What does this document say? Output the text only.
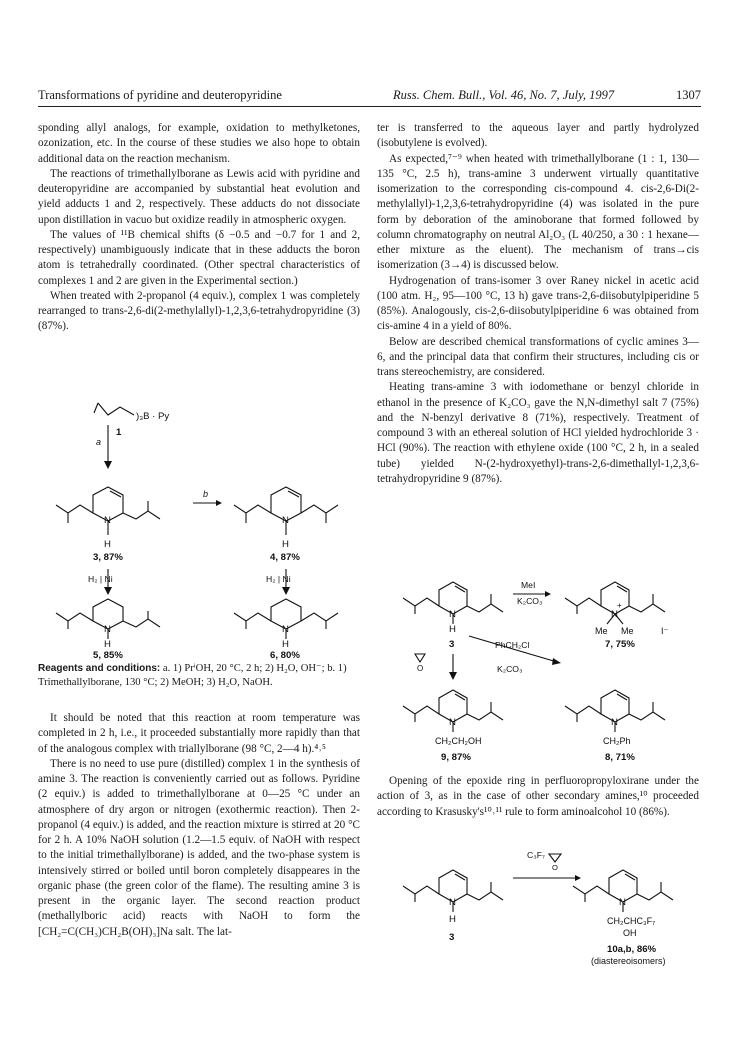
Transformations of pyridine and deuteropyridine	Russ. Chem. Bull., Vol. 46, No. 7, July, 1997	1307

sponding allyl analogs, for example, oxidation to methylketones, ozonization, etc. In the course of these studies we also hope to obtain additional data on the reaction mechanism.

The reactions of trimethallylborane as Lewis acid with pyridine and deuteropyridine are accompanied by substantial heat evolution and yield adducts 1 and 2, respectively. These adducts do not dissociate upon distillation in vacuo but oxidize readily in atmospheric oxygen.

The values of ¹¹B chemical shifts (δ −0.5 and −0.7 for 1 and 2, respectively) unambiguously indicate that in these adducts the boron atom is tetrahedrally coordinated. (Other spectral characteristics of complexes 1 and 2 are given in the Experimental section.)

When treated with 2-propanol (4 equiv.), complex 1 was completely rearranged to trans-2,6-di(2-methylallyl)-1,2,3,6-tetrahydropyridine (3) (87%).

)₃B · Py
a
1
N
H
3, 87%
b
N
H
4, 87%
H₂ | Ni	H₂ | Ni
N
H
5, 85%
N
H
6, 80%
Reagents and conditions: a. 1) PrⁱOH, 20 °C, 2 h; 2) H₂O, OH⁻; b. 1) Trimethallylborane, 130 °C; 2) MeOH; 3) H₂O, NaOH.

It should be noted that this reaction at room temperature was completed in 2 h, i.e., it proceeded substantially more rapidly than that of the analogous complex with triallylborane (98 °C, 2—4 h).⁴˒⁵

There is no need to use pure (distilled) complex 1 in the synthesis of amine 3. The reaction is conveniently carried out as follows. Pyridine (2 equiv.) is added to trimethallylborane at 0—25 °C under an atmosphere of dry argon or nitrogen (exothermic reaction). Then 2-propanol (4 equiv.) is added, and the reaction mixture is stirred at 20 °C for 2 h. A 10% NaOH solution (1.2—1.5 equiv. of NaOH with respect to the initial trimethallylborane) is added, and the two-phase system is intensively stirred or boiled until boron completely disappeares in the organic phase (the green color of the flame). The resulting amine 3 is present in the organic layer. The second reaction product (methallylboric acid) reacts with NaOH to form the [CH₂=C(CH₃)CH₂B(OH)₃]Na salt. The lat-

ter is transferred to the aqueous layer and partly hydrolyzed (isobutylene is evolved).

As expected,⁷⁻⁹ when heated with trimethallylborane (1 : 1, 130—135 °C, 2.5 h), trans-amine 3 underwent virtually quantitative isomerization to the corresponding cis-compound 4. cis-2,6-Di(2-methylallyl)-1,2,3,6-tetrahydropyridine (4) was isolated in the pure form by deboration of the aminoborane that formed followed by column chromatography on neutral Al₂O₃ (L 40/250, a 30 : 1 hexane—ether mixture as the eluent). The mechanism of trans→cis isomerization (3→4) is discussed below.

Hydrogenation of trans-isomer 3 over Raney nickel in acetic acid (100 atm. H₂, 95—100 °C, 13 h) gave trans-2,6-diisobutylpiperidine 5 (85%). Analogously, cis-2,6-diisobutylpiperidine 6 was obtained from cis-amine 4 in a yield of 80%.

Below are described chemical transformations of cyclic amines 3—6, and the principal data that confirm their structures, including cis or trans stereochemistry, are considered.

Heating trans-amine 3 with iodomethane or benzyl chloride in ethanol in the presence of K₂CO₃ gave the N,N-dimethyl salt 7 (75%) and the N-benzyl derivative 8 (71%), respectively. Treatment of compound 3 with an ethereal solution of HCl yielded hydrochloride 3 · HCl (90%). The reaction with ethylene oxide (100 °C, 2 h, in a sealed tube) yielded N-(2-hydroxyethyl)-trans-2,6-dimethallyl-1,2,3,6-tetrahydropyridine 9 (87%).

N
H
3
MeI
K₂CO₃
N
+
Me Me	I⁻
7, 75%
PhCH₂Cl
K₂CO₃
O
N
CH₂CH₂OH
9, 87%
N
CH₂Ph
8, 71%

Opening of the epoxide ring in perfluoropropyloxirane under the action of 3, as in the case of other secondary amines,¹⁰ proceeded according to Krasusky's¹⁰˒¹¹ rule to form aminoalcohol 10 (86%).

N
H
3
C₃F₇
O
N
CH₂CHC₃F₇
OH
10a,b, 86%
(diastereoisomers)
